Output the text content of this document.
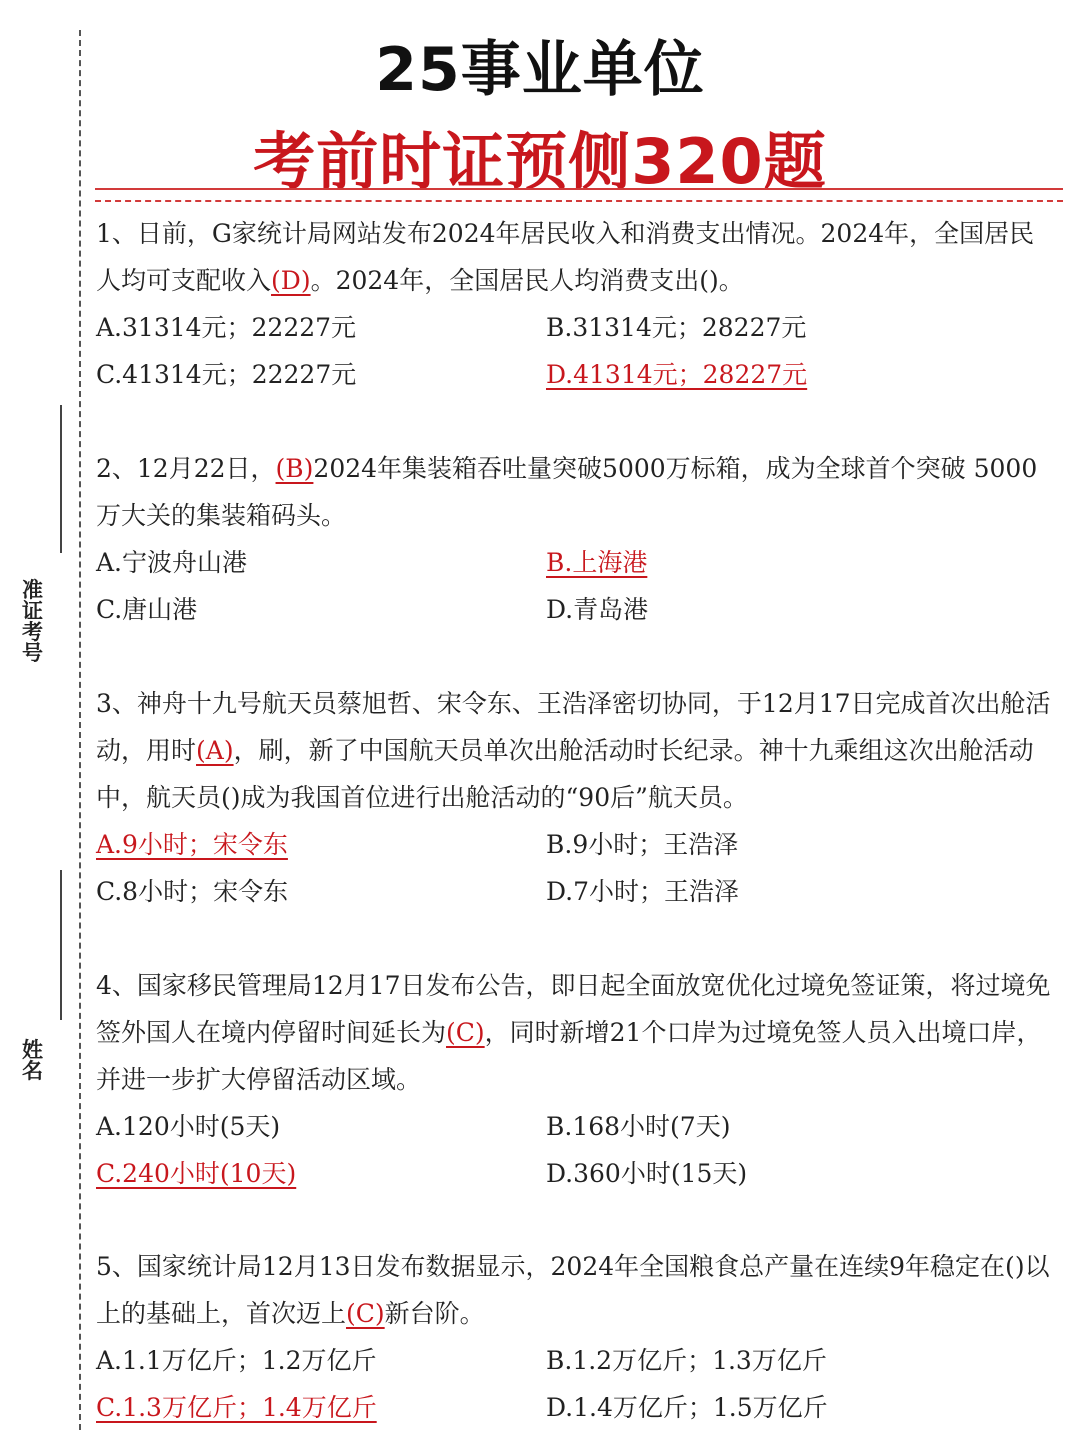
准
证
考
号
姓
名
25事业单位
考前时证预侧320题

1、日前，G家统计局网站发布2024年居民收入和消费支出情况。2024年，全国居民人均可支配收入(D)。2024年，全国居民人均消费支出()。

A.31314元；22227元	B.31314元；28227元
C.41314元；22227元	D.41314元；28227元

2、12月22日，(B)2024年集装箱吞吐量突破5000万标箱，成为全球首个突破 5000万大关的集装箱码头。

A.宁波舟山港	B.上海港
C.唐山港	D.青岛港

3、神舟十九号航天员蔡旭哲、宋令东、王浩泽密切协同，于12月17日完成首次出舱活动，用时(A)，刷，新了中国航天员单次出舱活动时长纪录。神十九乘组这次出舱活动中，航天员()成为我国首位进行出舱活动的“90后”航天员。

A.9小时；宋令东	B.9小时；王浩泽
C.8小时；宋令东	D.7小时；王浩泽

4、国家移民管理局12月17日发布公告，即日起全面放宽优化过境免签证策，将过境免签外国人在境内停留时间延长为(C)，同时新增21个口岸为过境免签人员入出境口岸，并进一步扩大停留活动区域。

A.120小时(5天)	B.168小时(7天)
C.240小时(10天)	D.360小时(15天)

5、国家统计局12月13日发布数据显示，2024年全国粮食总产量在连续9年稳定在()以上的基础上，首次迈上(C)新台阶。

A.1.1万亿斤；1.2万亿斤	B.1.2万亿斤；1.3万亿斤
C.1.3万亿斤；1.4万亿斤	D.1.4万亿斤；1.5万亿斤
